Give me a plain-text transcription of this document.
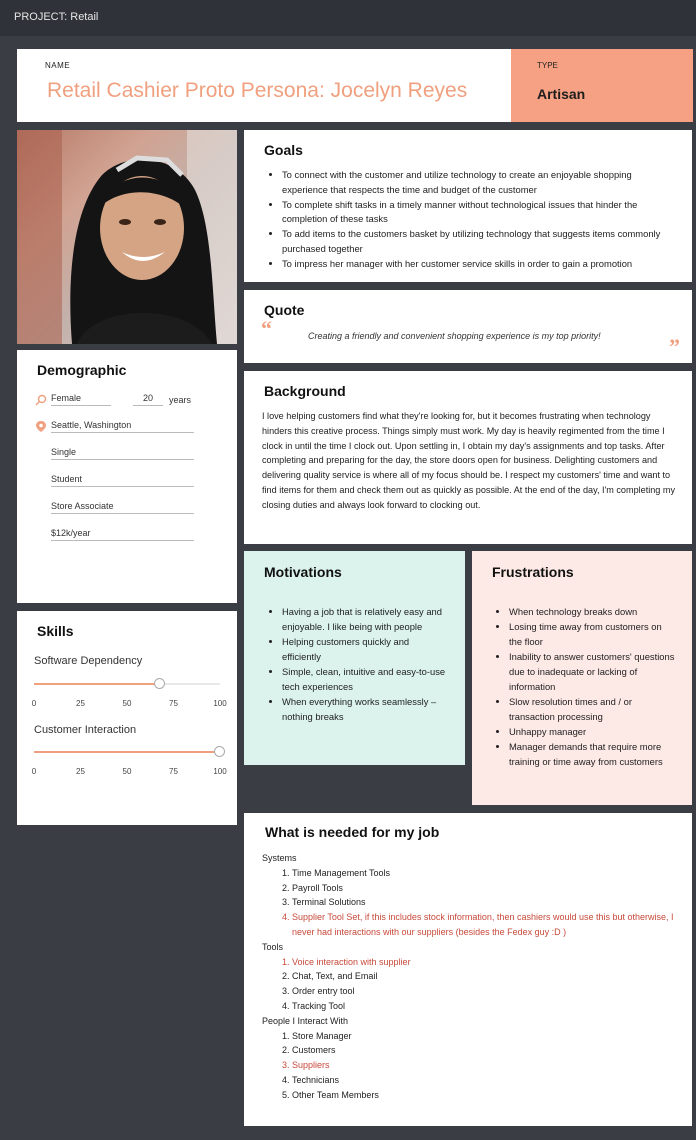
PROJECT: Retail
NAME
Retail Cashier Proto Persona: Jocelyn Reyes
TYPE
Artisan
Demographic
Female	20	years
Seattle, Washington
Single
Student
Store Associate
$12k/year
Skills
Software Dependency
0	25	50	75	100
Customer Interaction
0	25	50	75	100
Goals
• To connect with the customer and utilize technology to create an enjoyable shopping experience that respects the time and budget of the customer
• To complete shift tasks in a timely manner without technological issues that hinder the completion of these tasks
• To add items to the customers basket by utilizing technology that suggests items commonly purchased together
• To impress her manager with her customer service skills in order to gain a promotion
Quote
“	Creating a friendly and convenient shopping experience is my top priority!	”
Background
I love helping customers find what they're looking for, but it becomes frustrating when technology hinders this creative process. Things simply must work. My day is heavily regimented from the time I clock in until the time I clock out. Upon settling in, I obtain my day's assignments and top tasks. After completing and preparing for the day, the store doors open for business. Delighting customers and delivering quality service is where all of my focus should be. I respect my customers' time and want to find items for them and check them out as quickly as possible. At the end of the day, I'm completing my closing duties and always look forward to clocking out.
Motivations
• Having a job that is relatively easy and enjoyable. I like being with people
• Helping customers quickly and efficiently
• Simple, clean, intuitive and easy-to-use tech experiences
• When everything works seamlessly – nothing breaks
Frustrations
• When technology breaks down
• Losing time away from customers on the floor
• Inability to answer customers' questions due to inadequate or lacking of information
• Slow resolution times and / or transaction processing
• Unhappy manager
• Manager demands that require more training or time away from customers
What is needed for my job
Systems
1. Time Management Tools
2. Payroll Tools
3. Terminal Solutions
4. Supplier Tool Set, if this includes stock information, then cashiers would use this but otherwise, I never had interactions with our suppliers (besides the Fedex guy :D )
Tools
1. Voice interaction with supplier
2. Chat, Text, and Email
3. Order entry tool
4. Tracking Tool
People I Interact With
1. Store Manager
2. Customers
3. Suppliers
4. Technicians
5. Other Team Members
